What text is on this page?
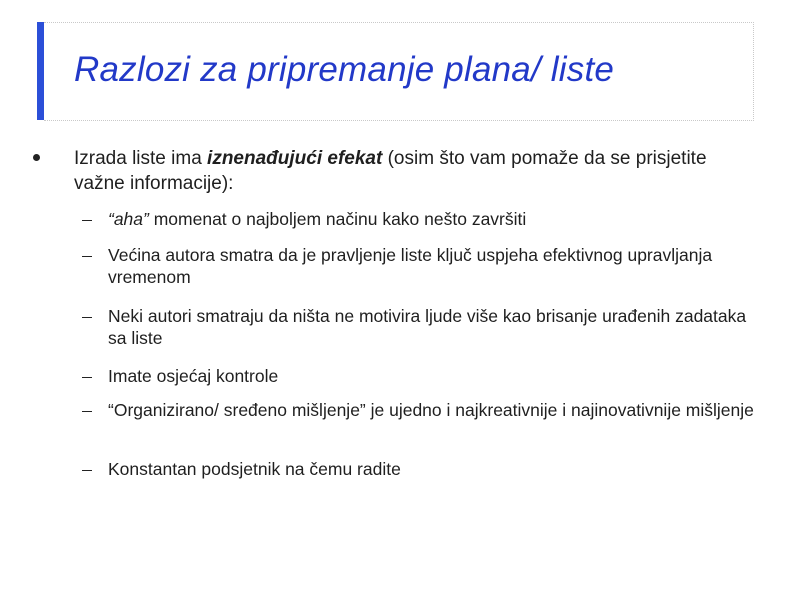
Razlozi za pripremanje plana/ liste

Izrada liste ima iznenađujući efekat (osim što vam pomaže da se prisjetite važne informacije):

“aha” momenat o najboljem načinu kako nešto završiti

Većina autora smatra da je pravljenje liste ključ uspjeha efektivnog upravljanja vremenom

Neki autori smatraju da ništa ne motivira ljude više kao brisanje urađenih zadataka sa liste

Imate osjećaj kontrole

“Organizirano/ sređeno mišljenje” je ujedno i najkreativnije i najinovativnije mišljenje

Konstantan podsjetnik na čemu radite
